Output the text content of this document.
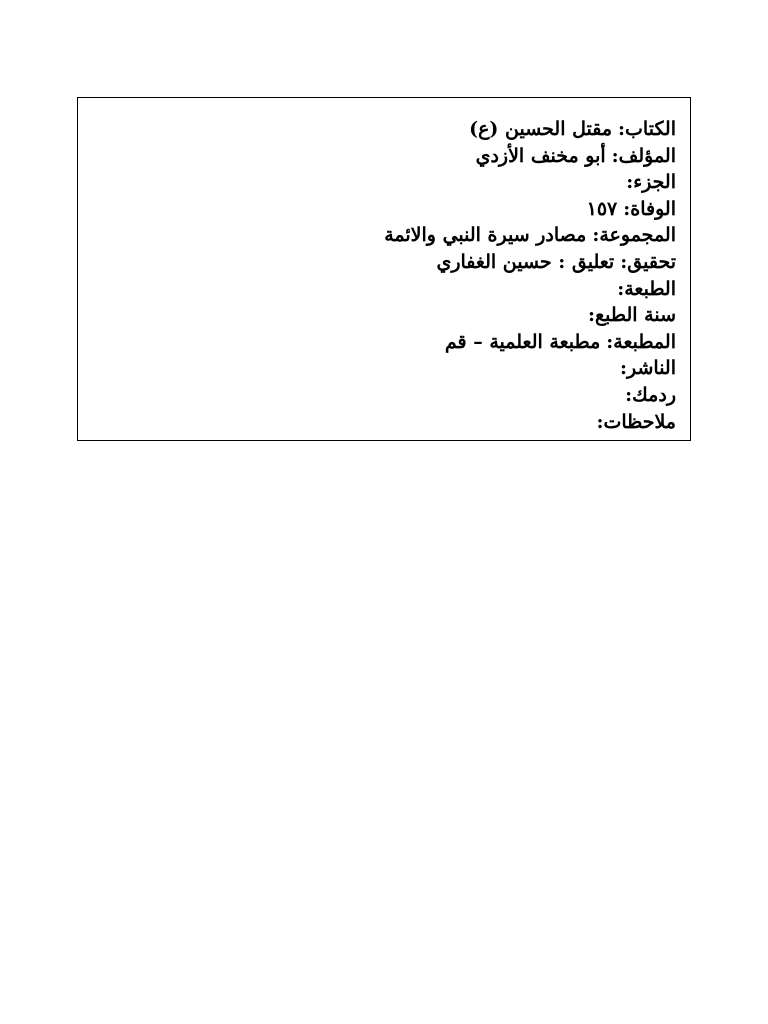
الكتاب:
مقتل الحسين (ع)
المؤلف:
أبو مخنف الأزدي
الجزء:
الوفاة:
١٥٧
المجموعة:
مصادر سيرة النبي والائمة
تحقيق:
تعليق : حسين الغفاري
الطبعة:
سنة الطبع:
المطبعة:
مطبعة العلمية – قم
الناشر:
ردمك:
ملاحظات:
